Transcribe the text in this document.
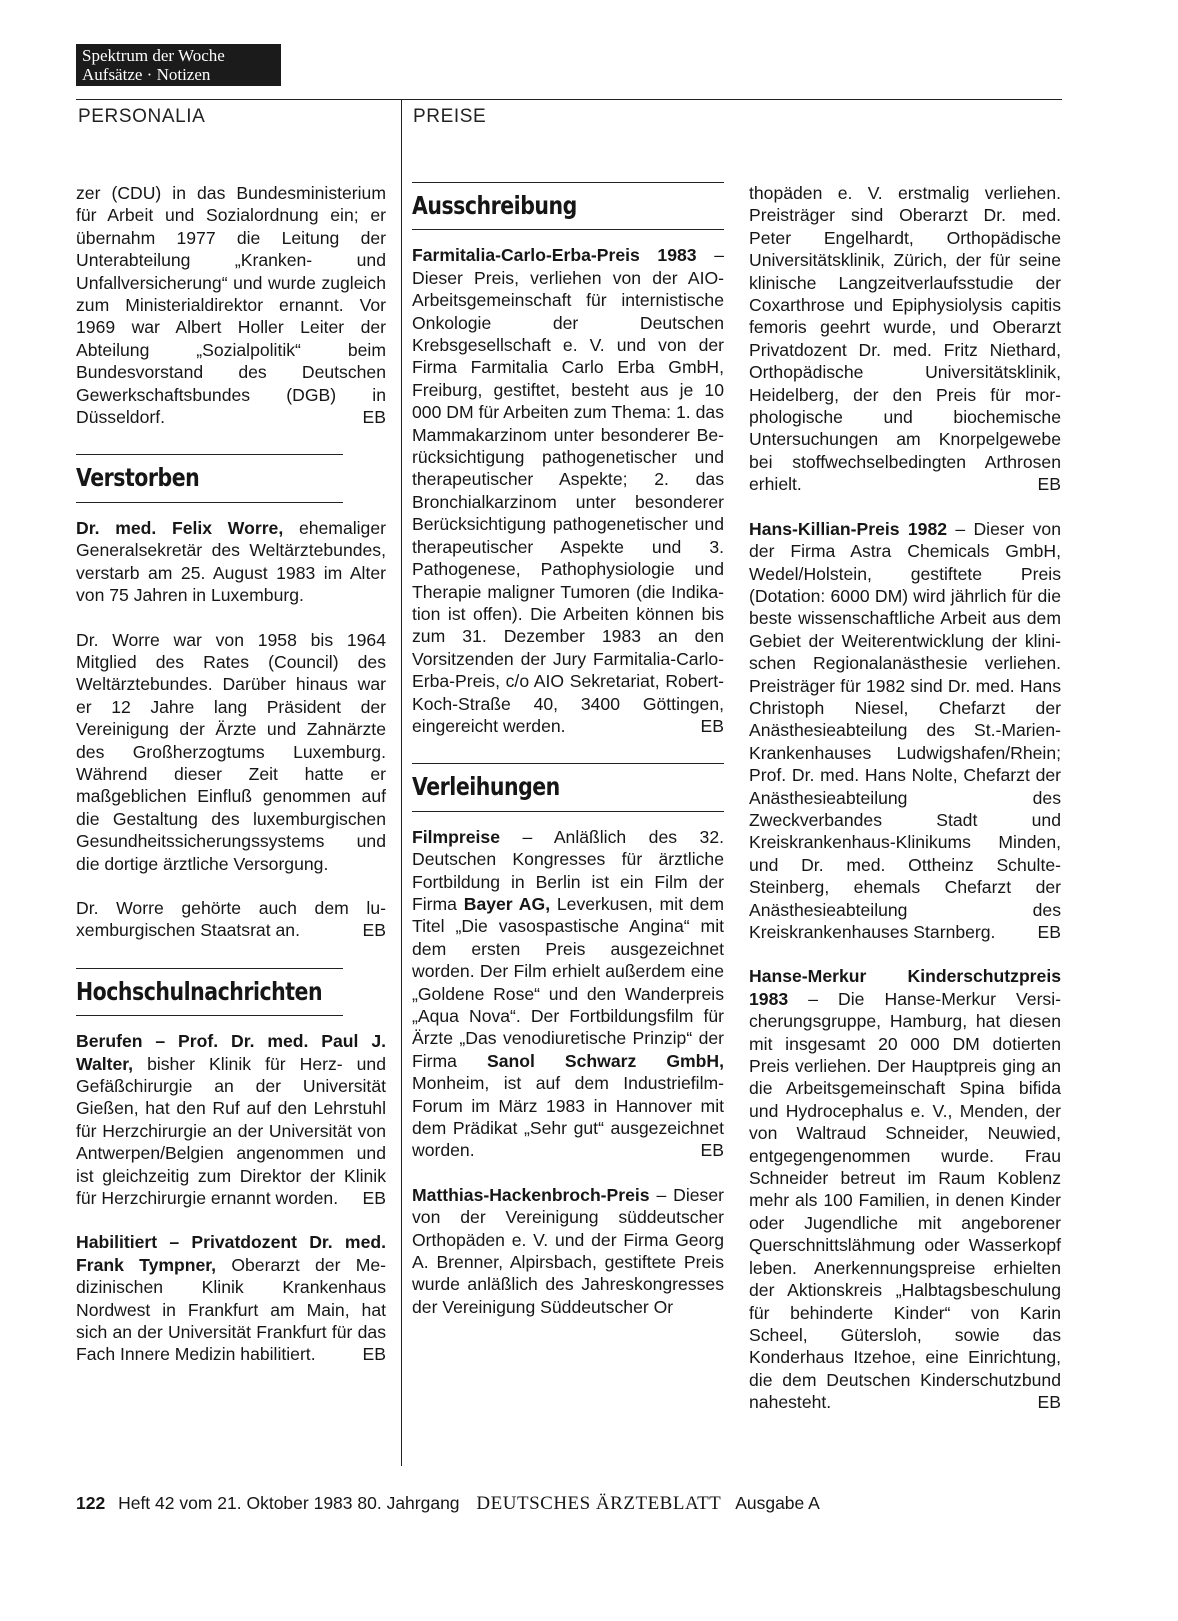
Spektrum der Woche
Aufsätze · Notizen
PERSONALIA	PREISE

zer (CDU) in das Bundesministerium für Arbeit und Sozialordnung ein; er übernahm 1977 die Leitung der Unterabteilung „Kranken- und Unfallversicherung“ und wurde zugleich zum Ministerialdirektor ernannt. Vor 1969 war Albert Holler Leiter der Abteilung „Sozialpolitik“ beim Bundesvorstand des Deutschen Gewerkschaftsbundes (DGB) in Düsseldorf.	EB

Verstorben

Dr. med. Felix Worre, ehemaliger Generalsekretär des Weltärztebundes, verstarb am 25. August 1983 im Alter von 75 Jahren in Luxemburg.

Dr. Worre war von 1958 bis 1964 Mitglied des Rates (Council) des Weltärztebundes. Darüber hinaus war er 12 Jahre lang Präsident der Vereinigung der Ärzte und Zahnärzte des Großherzogtums Luxemburg. Während dieser Zeit hatte er maßgeblichen Einfluß genommen auf die Gestaltung des luxemburgischen Gesundheitssicherungssystems und die dortige ärztliche Versorgung.

Dr. Worre gehörte auch dem luxemburgischen Staatsrat an.	EB

Hochschulnachrichten

Berufen – Prof. Dr. med. Paul J. Walter, bisher Klinik für Herz- und Gefäßchirurgie an der Universität Gießen, hat den Ruf auf den Lehrstuhl für Herzchirurgie an der Universität von Antwerpen/Belgien angenommen und ist gleichzeitig zum Direktor der Klinik für Herzchirurgie ernannt worden. EB

Habilitiert – Privatdozent Dr. med. Frank Tympner, Oberarzt der Medizinischen Klinik Krankenhaus Nordwest in Frankfurt am Main, hat sich an der Universität Frankfurt für das Fach Innere Medizin habilitiert.	EB

Ausschreibung

Farmitalia-Carlo-Erba-Preis 1983 – Dieser Preis, verliehen von der AIO-Arbeitsgemeinschaft für internistische Onkologie der Deutschen Krebsgesellschaft e. V. und von der Firma Farmitalia Carlo Erba GmbH, Freiburg, gestiftet, besteht aus je 10 000 DM für Arbeiten zum Thema: 1. das Mammakarzinom unter besonderer Berücksichtigung pathogenetischer und therapeutischer Aspekte; 2. das Bronchialkarzinom unter besonderer Berücksichtigung pathogenetischer und therapeutischer Aspekte und 3. Pathogenese, Pathophysiologie und Therapie maligner Tumoren (die Indikation ist offen). Die Arbeiten können bis zum 31. Dezember 1983 an den Vorsitzenden der Jury Farmitalia-Carlo-Erba-Preis, c/o AIO Sekretariat, Robert-Koch-Straße 40, 3400 Göttingen, eingereicht werden.	EB

Verleihungen

Filmpreise – Anläßlich des 32. Deutschen Kongresses für ärztliche Fortbildung in Berlin ist ein Film der Firma Bayer AG, Leverkusen, mit dem Titel „Die vasospastische Angina“ mit dem ersten Preis ausgezeichnet worden. Der Film erhielt außerdem eine „Goldene Rose“ und den Wanderpreis „Aqua Nova“. Der Fortbildungsfilm für Ärzte „Das venodiuretische Prinzip“ der Firma Sanol Schwarz GmbH, Monheim, ist auf dem Industriefilm-Forum im März 1983 in Hannover mit dem Prädikat „Sehr gut“ ausgezeichnet worden.	EB

Matthias-Hackenbroch-Preis – Dieser von der Vereinigung süddeutscher Orthopäden e. V. und der Firma Georg A. Brenner, Alpirsbach, gestiftete Preis wurde anläßlich des Jahreskongresses der Vereinigung Süddeutscher Or

thopäden e. V. erstmalig verliehen. Preisträger sind Oberarzt Dr. med. Peter Engelhardt, Orthopädische Universitätsklinik, Zürich, der für seine klinische Langzeitverlaufsstudie der Coxarthrose und Epiphysiolysis capitis femoris geehrt wurde, und Oberarzt Privatdozent Dr. med. Fritz Niethard, Orthopädische Universitätsklinik, Heidelberg, der den Preis für morphologische und biochemische Untersuchungen am Knorpelgewebe bei stoffwechselbedingten Arthrosen erhielt.	EB

Hans-Killian-Preis 1982 – Dieser von der Firma Astra Chemicals GmbH, Wedel/Holstein, gestiftete Preis (Dotation: 6000 DM) wird jährlich für die beste wissenschaftliche Arbeit aus dem Gebiet der Weiterentwicklung der klinischen Regionalanästhesie verliehen. Preisträger für 1982 sind Dr. med. Hans Christoph Niesel, Chefarzt der Anästhesieabteilung des St.-Marien-Krankenhauses Ludwigshafen/Rhein; Prof. Dr. med. Hans Nolte, Chefarzt der Anästhesieabteilung des Zweckverbandes Stadt und Kreiskrankenhaus-Klinikums Minden, und Dr. med. Ottheinz Schulte-Steinberg, ehemals Chefarzt der Anästhesieabteilung des Kreiskrankenhauses Starnberg. EB

Hanse-Merkur Kinderschutzpreis 1983 – Die Hanse-Merkur Versicherungsgruppe, Hamburg, hat diesen mit insgesamt 20 000 DM dotierten Preis verliehen. Der Hauptpreis ging an die Arbeitsgemeinschaft Spina bifida und Hydrocephalus e. V., Menden, der von Waltraud Schneider, Neuwied, entgegengenommen wurde. Frau Schneider betreut im Raum Koblenz mehr als 100 Familien, in denen Kinder oder Jugendliche mit angeborener Querschnittslähmung oder Wasserkopf leben. Anerkennungspreise erhielten der Aktionskreis „Halbtagsbeschulung für behinderte Kinder“ von Karin Scheel, Gütersloh, sowie das Konderhaus Itzehoe, eine Einrichtung, die dem Deutschen Kinderschutzbund nahesteht.	EB

122 Heft 42 vom 21. Oktober 1983 80. Jahrgang DEUTSCHES ÄRZTEBLATT Ausgabe A
